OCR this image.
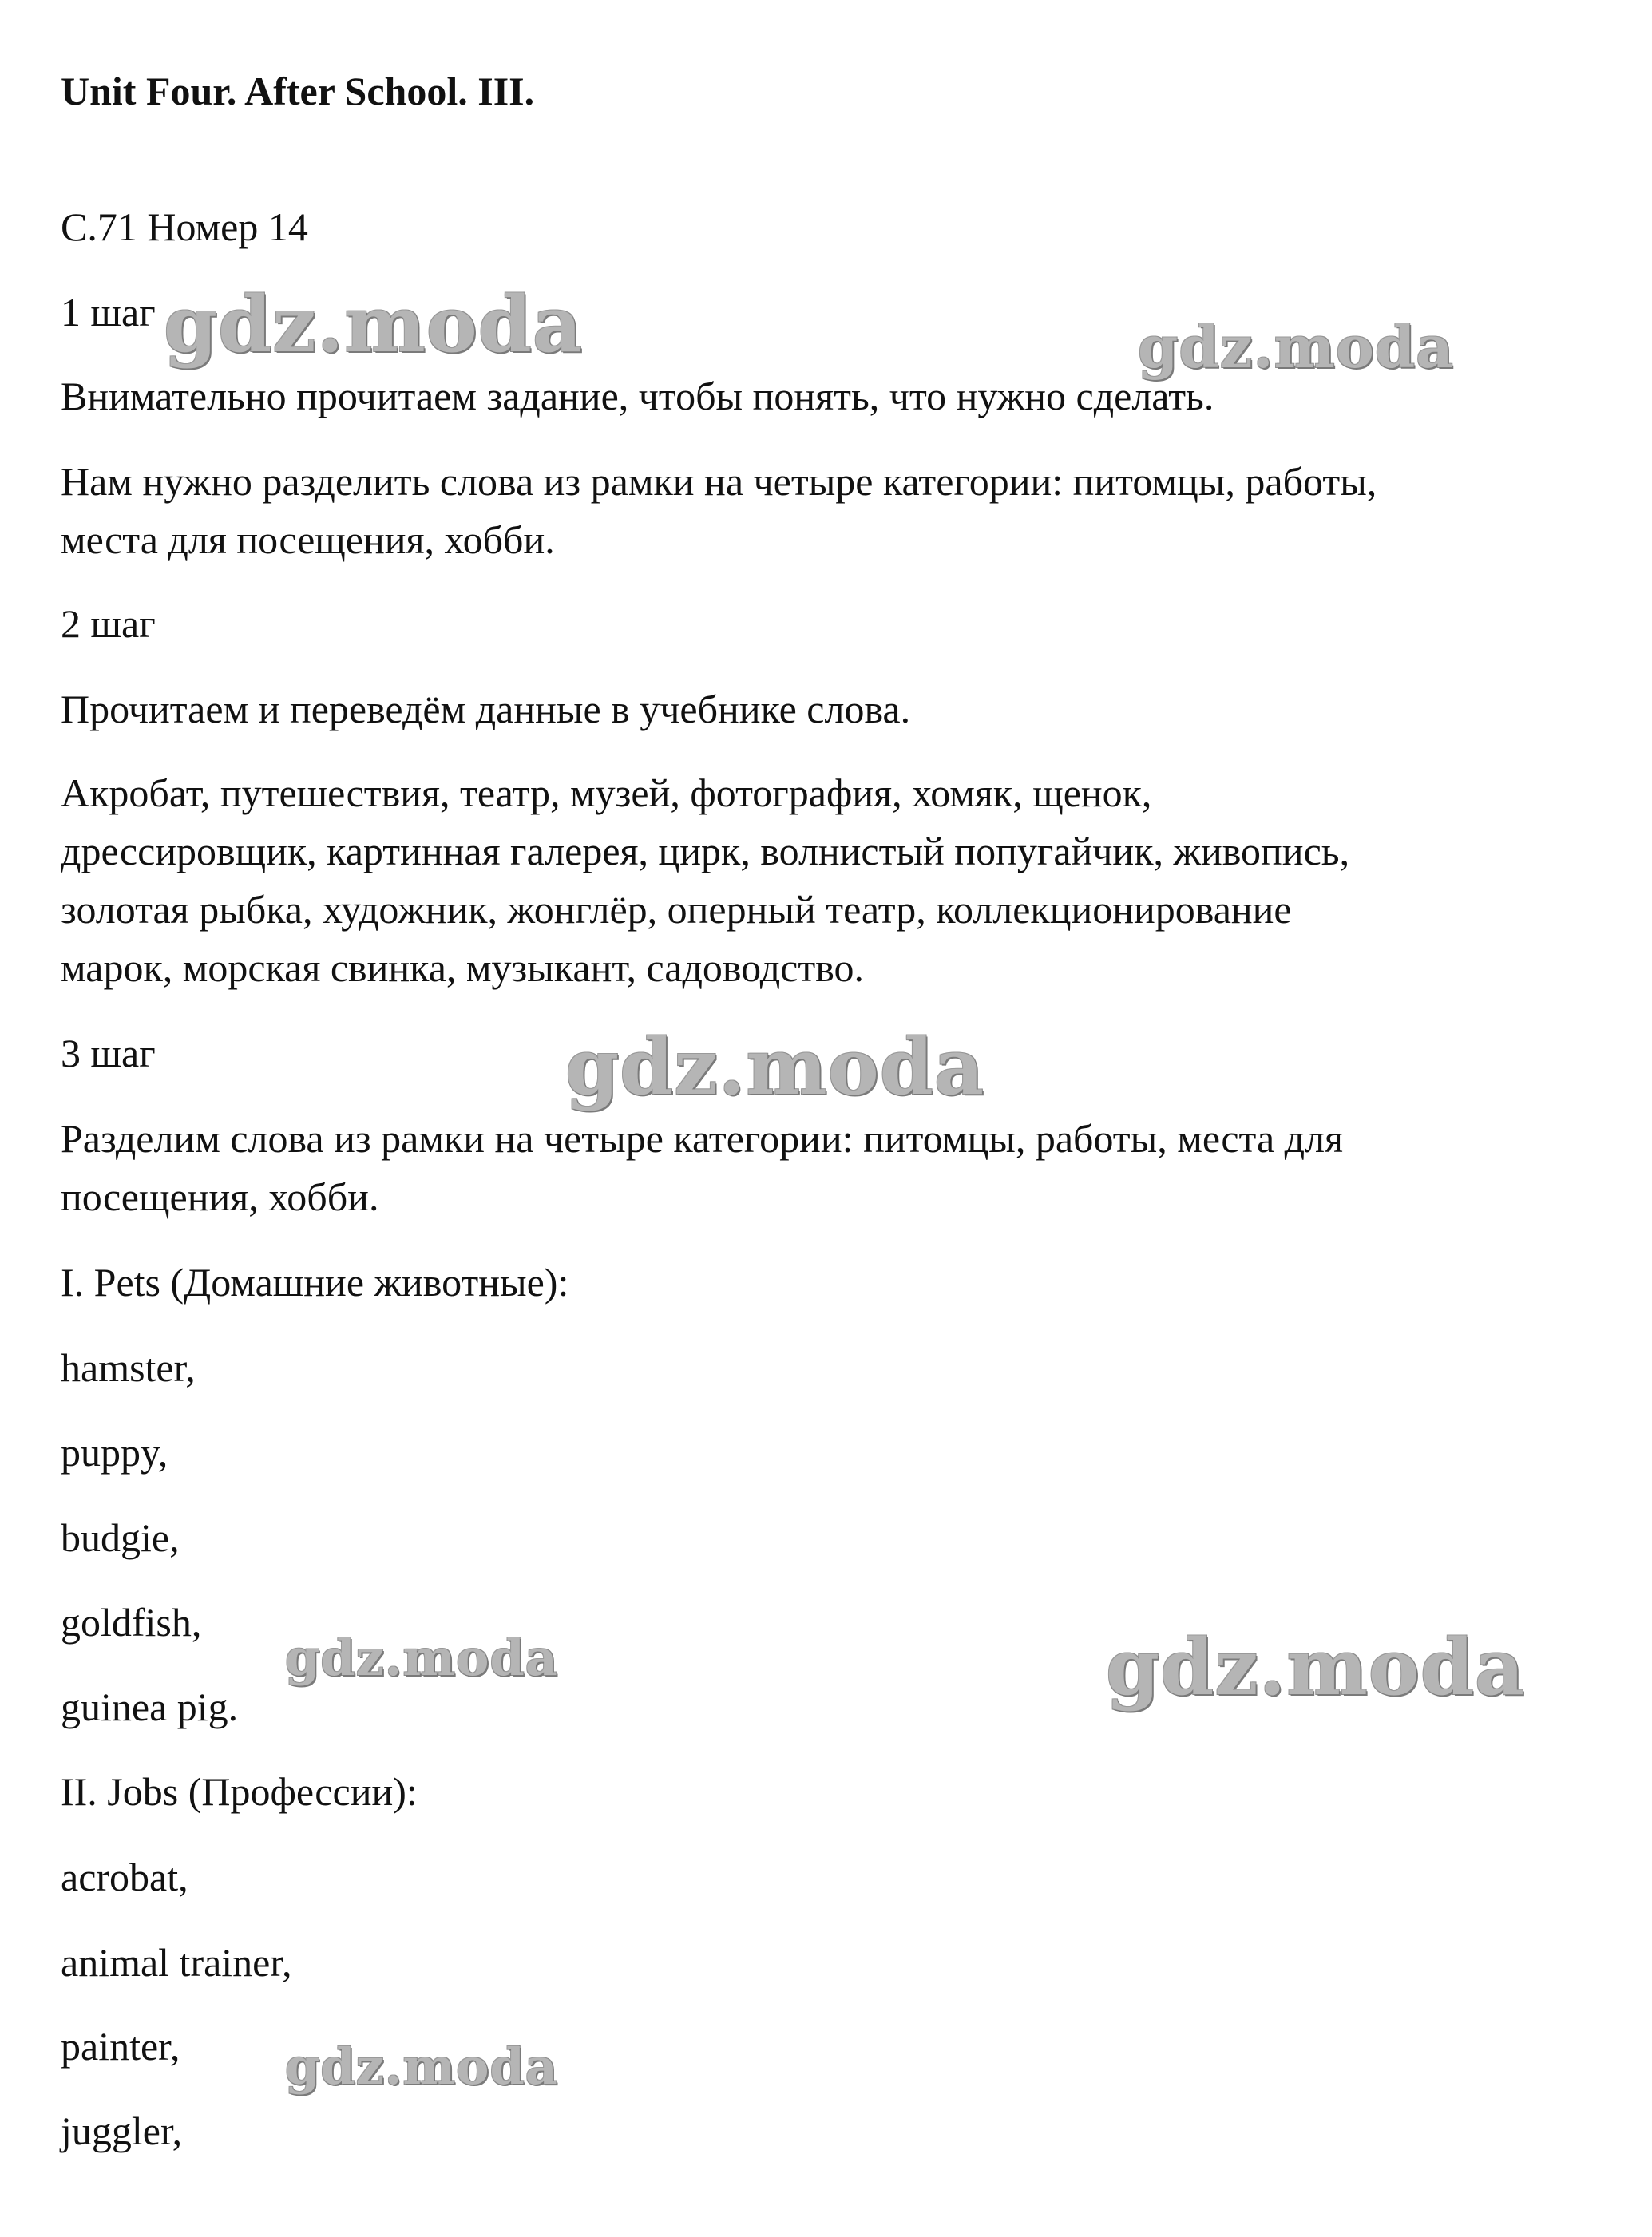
Unit Four. After School. III.
С.71 Номер 14
1 шаг
Внимательно прочитаем задание, чтобы понять, что нужно сделать.
Нам нужно разделить слова из рамки на четыре категории: питомцы, работы,
места для посещения, хобби.
2 шаг
Прочитаем и переведём данные в учебнике слова.
Акробат, путешествия, театр, музей, фотография, хомяк, щенок,
дрессировщик, картинная галерея, цирк, волнистый попугайчик, живопись,
золотая рыбка, художник, жонглёр, оперный театр, коллекционирование
марок, морская свинка, музыкант, садоводство.
3 шаг
Разделим слова из рамки на четыре категории: питомцы, работы, места для
посещения, хобби.
I. Pets (Домашние животные):
hamster,
puppy,
budgie,
goldfish,
guinea pig.
II. Jobs (Профессии):
acrobat,
animal trainer,
painter,
juggler,
gdz.moda	gdz.moda
gdz.moda
gdz.moda	gdz.moda
gdz.moda
